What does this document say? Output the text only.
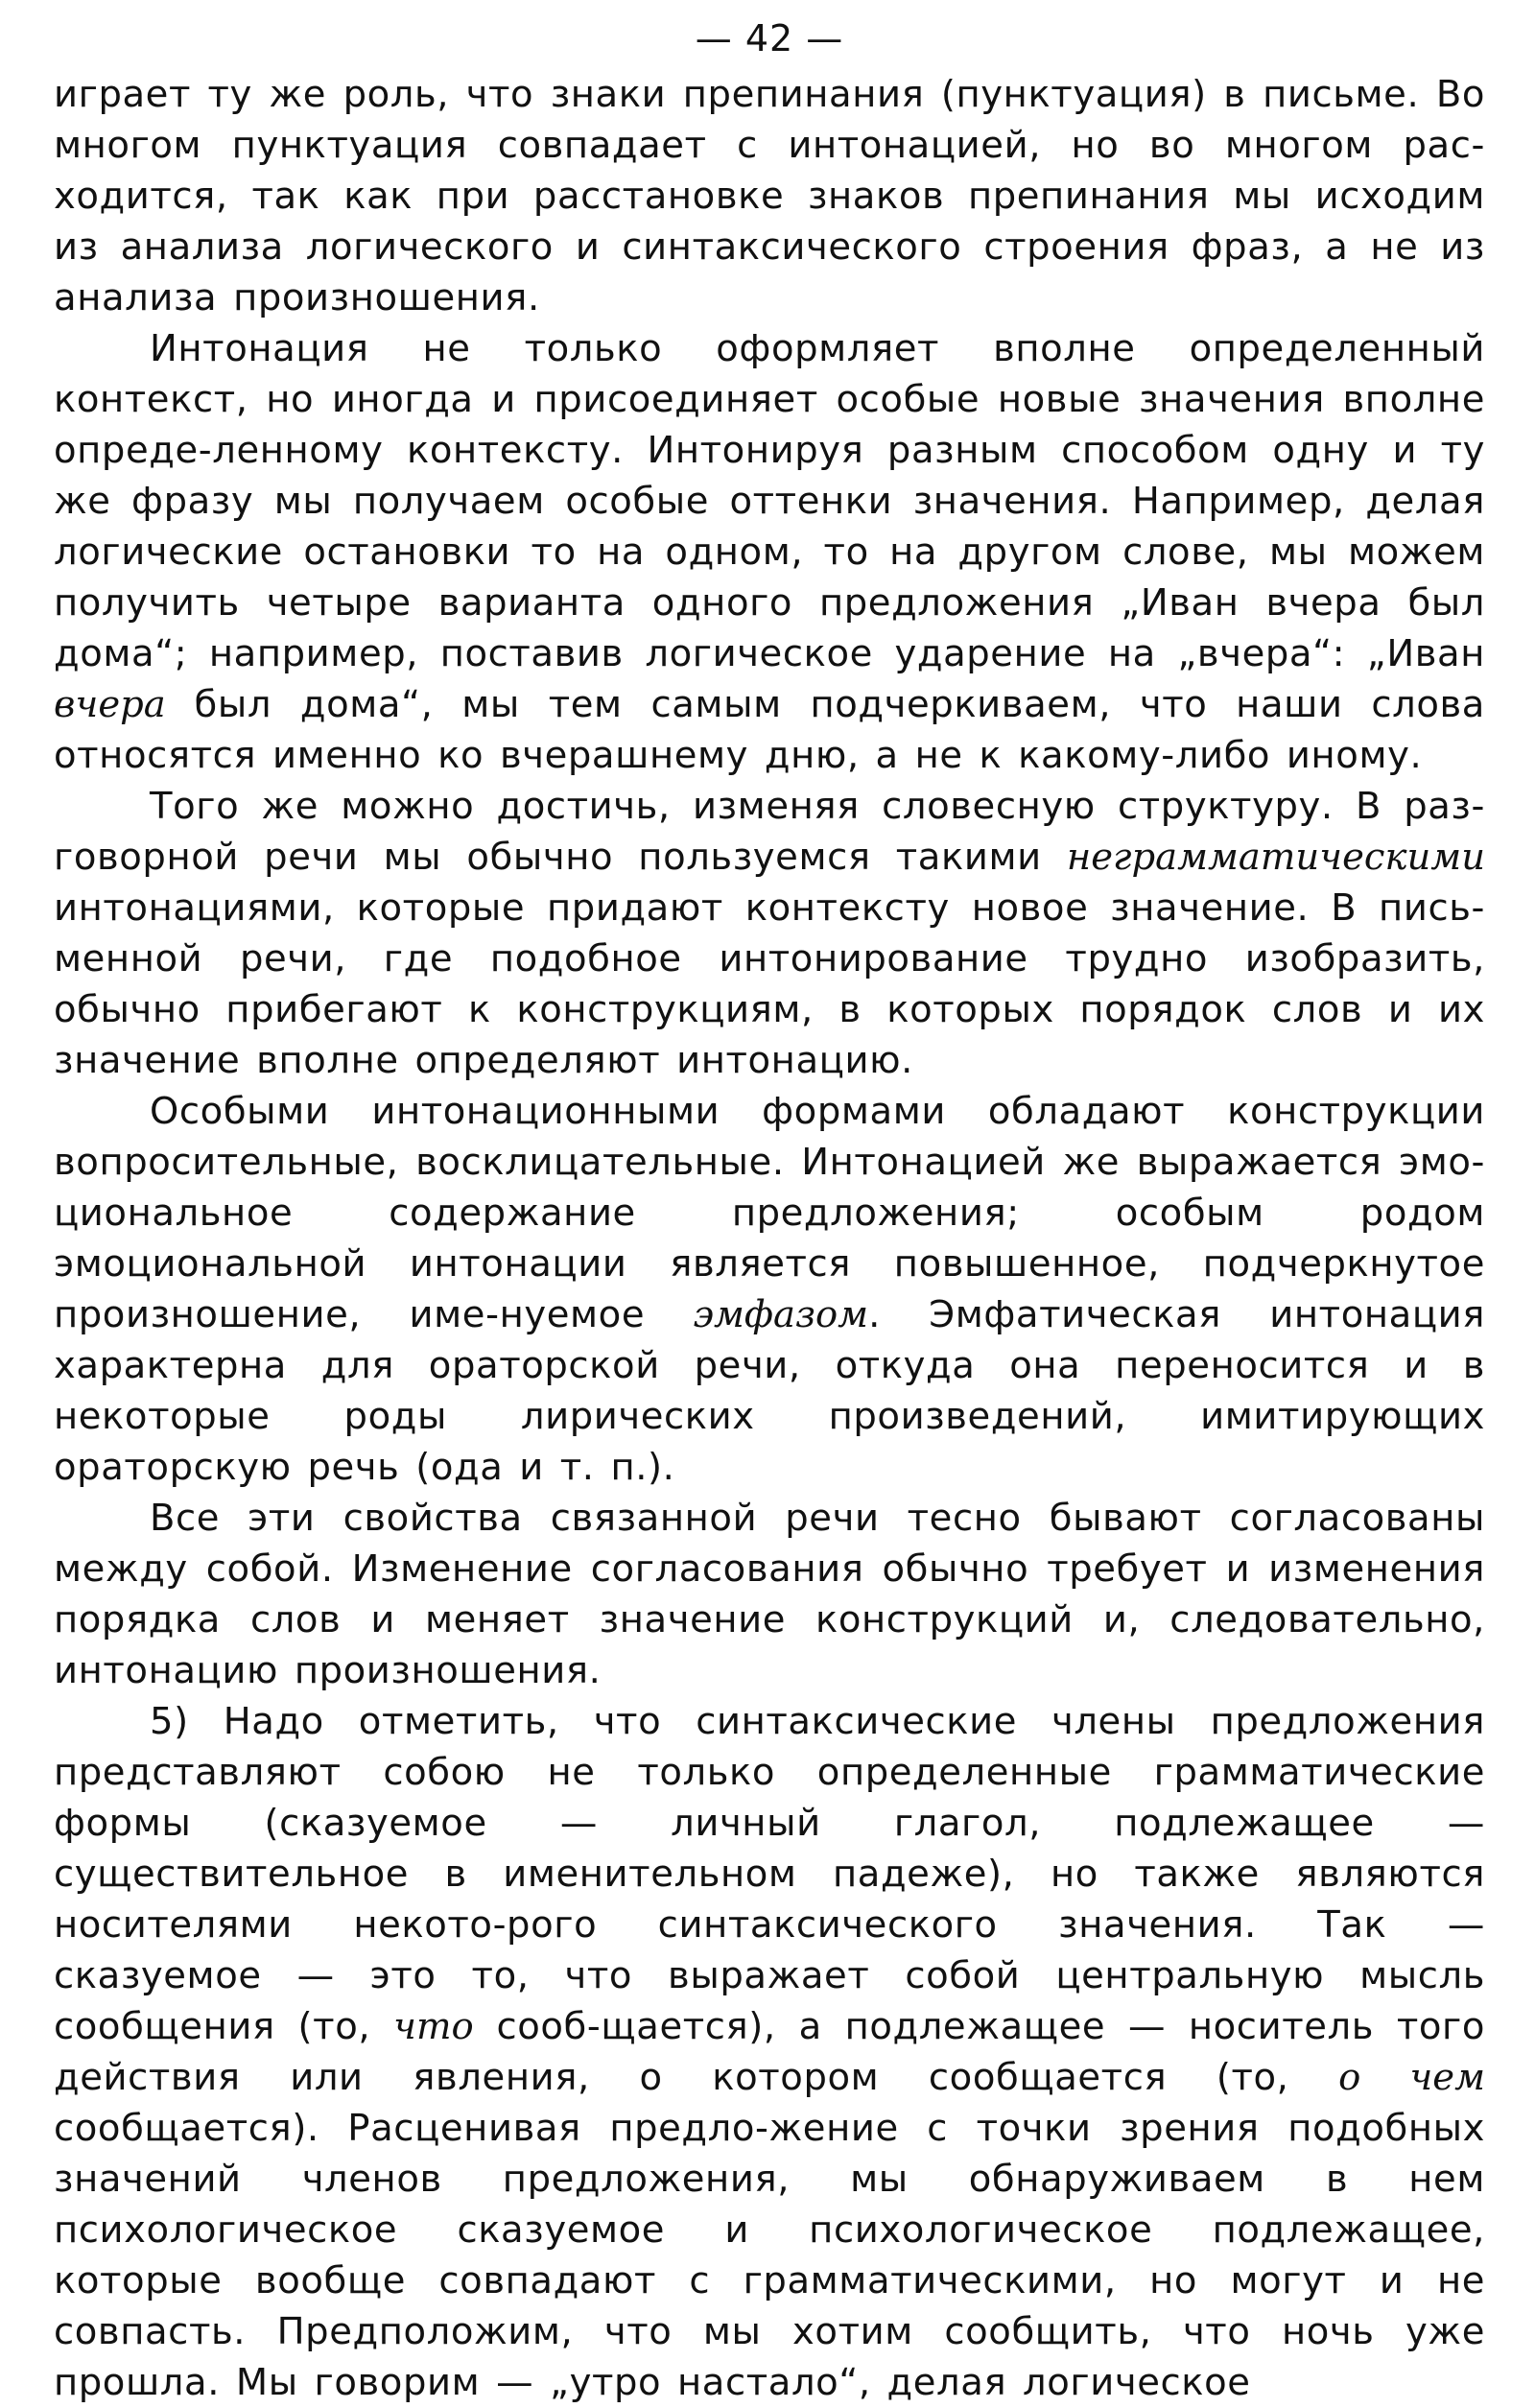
— 42 —

играет ту же роль, что знаки препинания (пунктуация) в письме. Во многом пунктуация совпадает с интонацией, но во многом рас-ходится, так как при расстановке знаков препинания мы исходим из анализа логического и синтаксического строения фраз, а не из анализа произношения.

Интонация не только оформляет вполне определенный контекст, но иногда и присоединяет особые новые значения вполне опреде-ленному контексту. Интонируя разным способом одну и ту же фразу мы получаем особые оттенки значения. Например, делая логические остановки то на одном, то на другом слове, мы можем получить четыре варианта одного предложения „Иван вчера был дома“; например, поставив логическое ударение на „вчера“: „Иван вчера был дома“, мы тем самым подчеркиваем, что наши слова относятся именно ко вчерашнему дню, а не к какому-либо иному.

Того же можно достичь, изменяя словесную структуру. В раз-говорной речи мы обычно пользуемся такими неграмматическими интонациями, которые придают контексту новое значение. В пись-менной речи, где подобное интонирование трудно изобразить, обычно прибегают к конструкциям, в которых порядок слов и их значение вполне определяют интонацию.

Особыми интонационными формами обладают конструкции вопросительные, восклицательные. Интонацией же выражается эмо-циональное содержание предложения; особым родом эмоциональной интонации является повышенное, подчеркнутое произношение, име-нуемое эмфазом. Эмфатическая интонация характерна для ораторской речи, откуда она переносится и в некоторые роды лирических произведений, имитирующих ораторскую речь (ода и т. п.).

Все эти свойства связанной речи тесно бывают согласованы между собой. Изменение согласования обычно требует и изменения порядка слов и меняет значение конструкций и, следовательно, интонацию произношения.

5) Надо отметить, что синтаксические члены предложения представляют собою не только определенные грамматические формы (сказуемое — личный глагол, подлежащее — существительное в именительном падеже), но также являются носителями некото-рого синтаксического значения. Так — сказуемое — это то, что выражает собой центральную мысль сообщения (то, что сооб-щается), а подлежащее — носитель того действия или явления, о котором сообщается (то, о чем сообщается). Расценивая предло-жение с точки зрения подобных значений членов предложения, мы обнаруживаем в нем психологическое сказуемое и психологическое подлежащее, которые вообще совпадают с грамматическими, но могут и не совпасть. Предположим, что мы хотим сообщить, что ночь уже прошла. Мы говорим — „утро настало“, делая логическое
